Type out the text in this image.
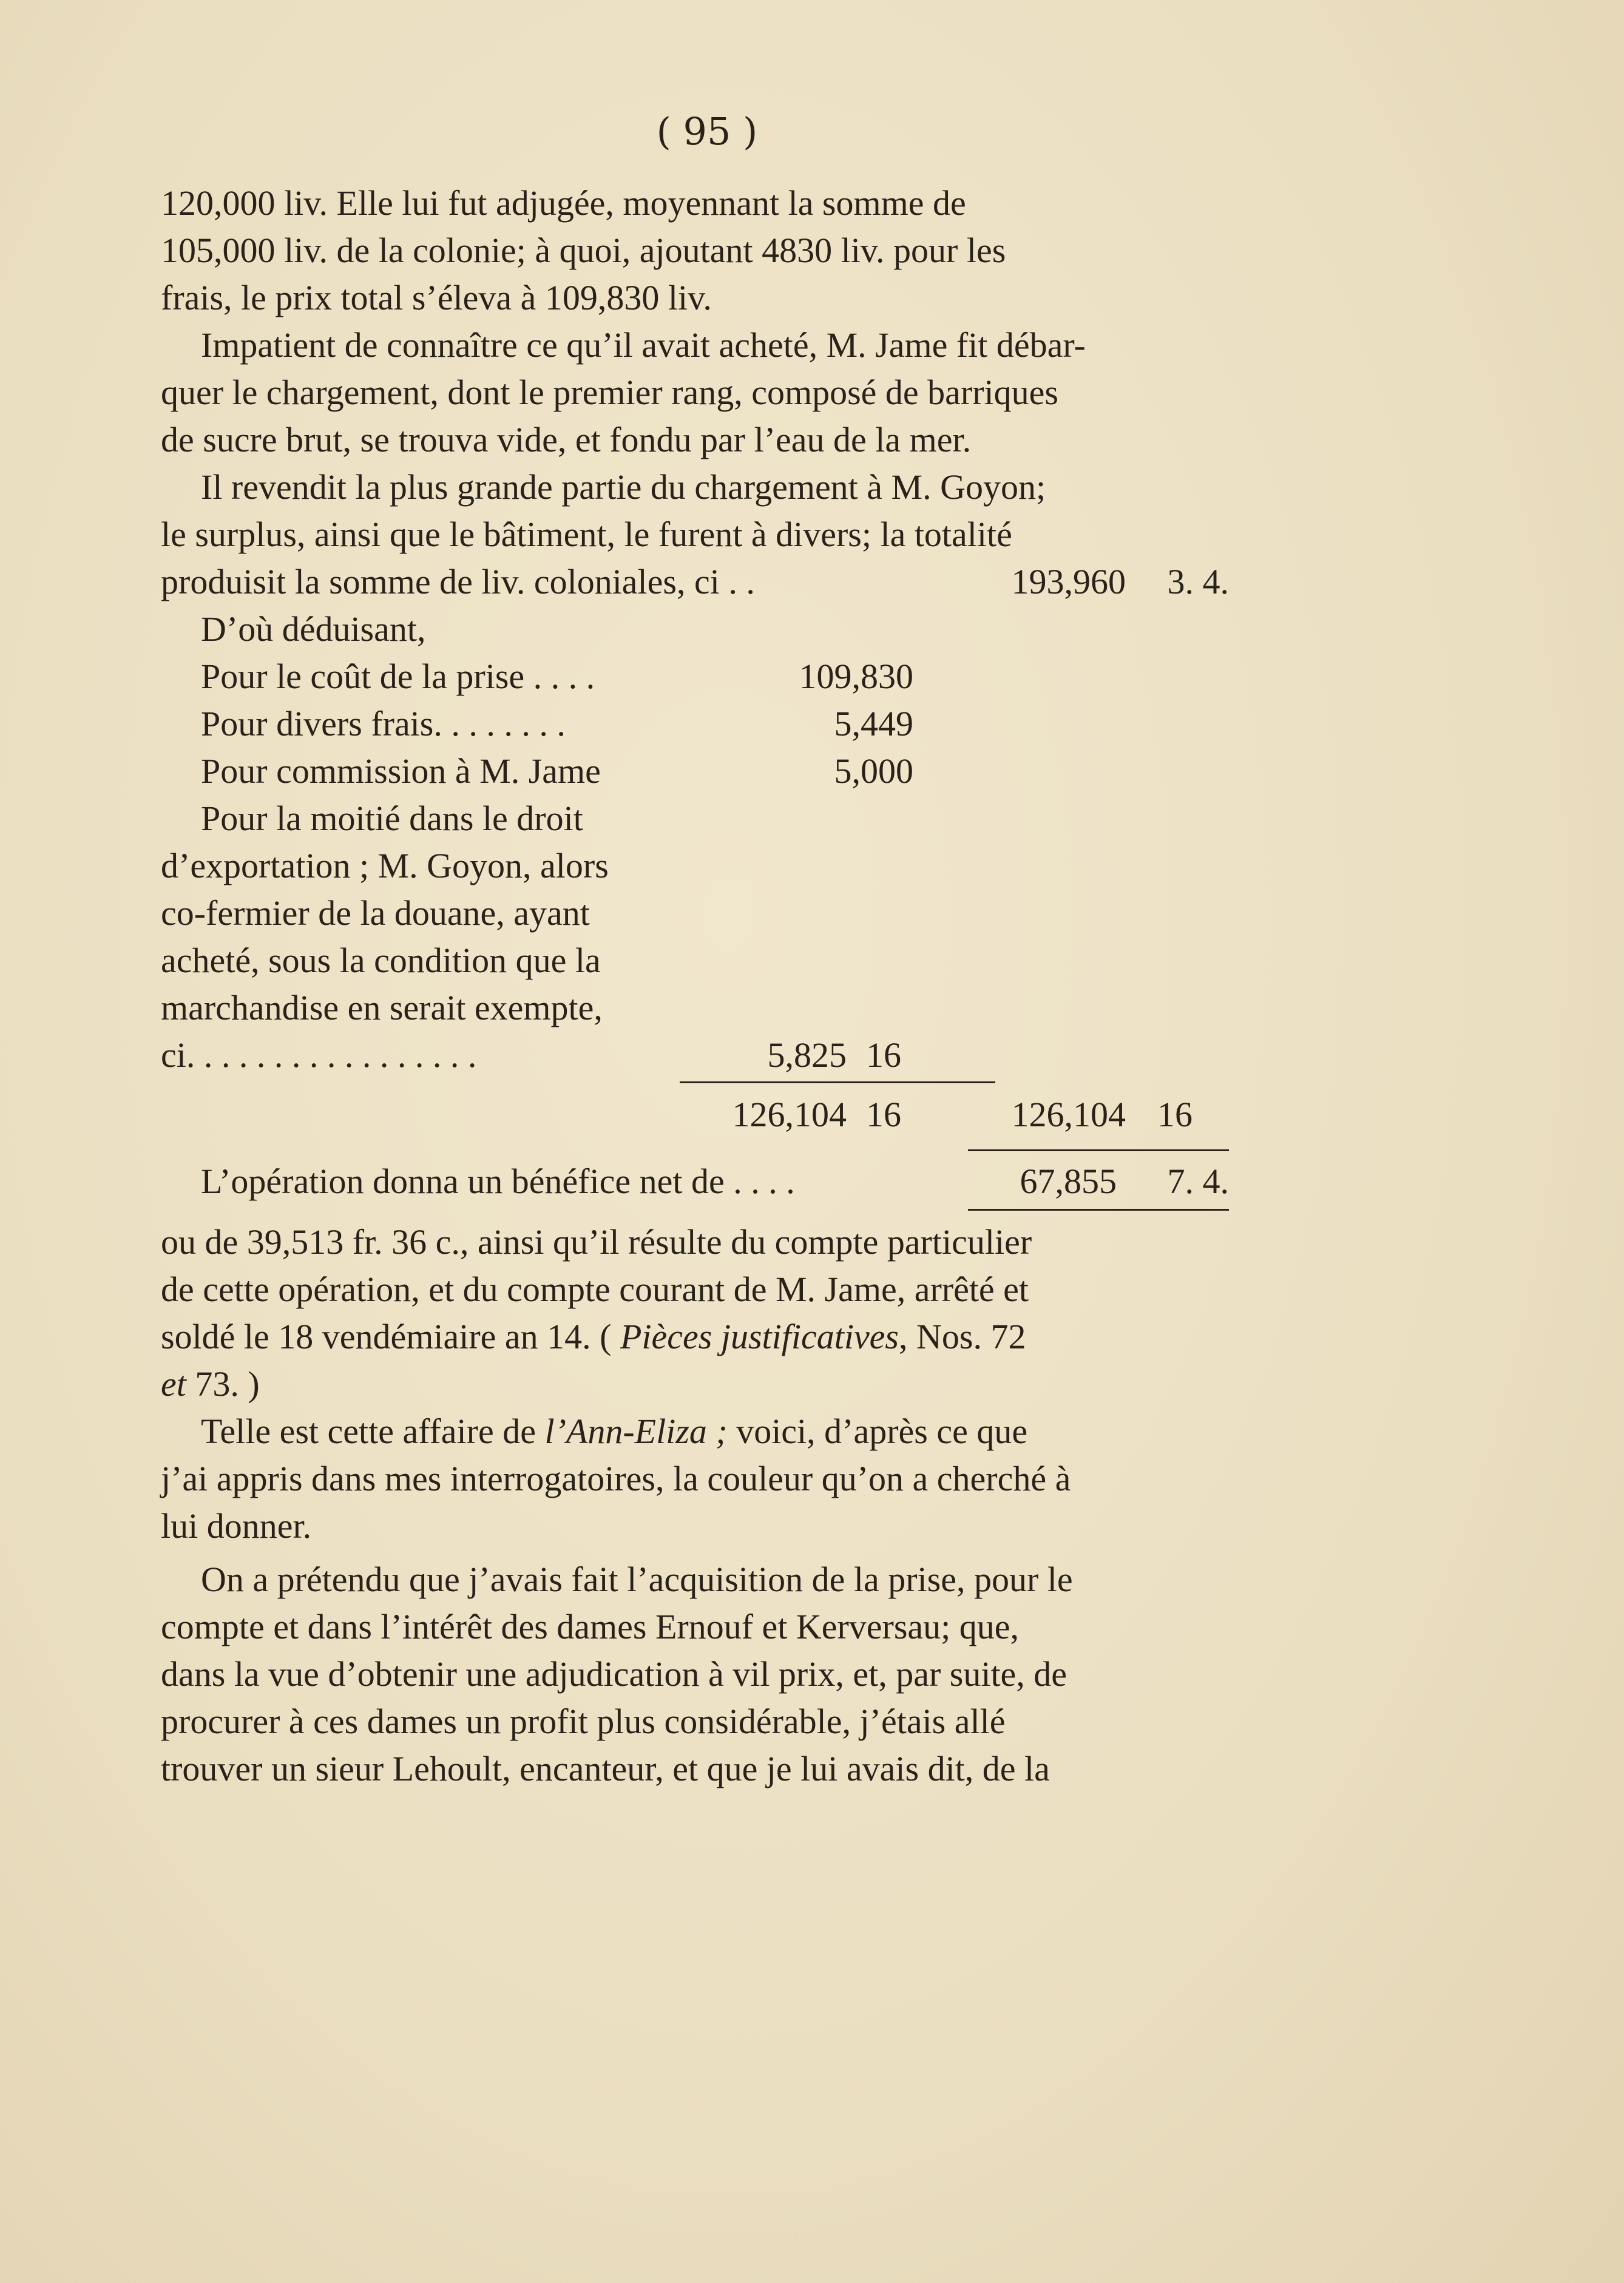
( 95 )

120,000 liv. Elle lui fut adjugée, moyennant la somme de

105,000 liv. de la colonie; à quoi, ajoutant 4830 liv. pour les

frais, le prix total s’éleva à 109,830 liv.

Impatient de connaître ce qu’il avait acheté, M. Jame fit débar-

quer le chargement, dont le premier rang, composé de barriques

de sucre brut, se trouva vide, et fondu par l’eau de la mer.

Il revendit la plus grande partie du chargement à M. Goyon;

le surplus, ainsi que le bâtiment, le furent à divers; la totalité

produisit la somme de liv. coloniales, ci . .	193,960 3. 4.
D’où déduisant,
Pour le coût de la prise . . . .	109,830
Pour divers frais. . . . . . . .	5,449
Pour commission à M. Jame	5,000

Pour la moitié dans le droit

d’exportation ; M. Goyon, alors

co-fermier de la douane, ayant

acheté, sous la condition que la

marchandise en serait exempte,

ci. . . . . . . . . . . . . . . . .	5,825 16
126,104 16	126,104 16
L’opération donna un bénéfice net de . . . .	67,855 7. 4.

ou de 39,513 fr. 36 c., ainsi qu’il résulte du compte particulier

de cette opération, et du compte courant de M. Jame, arrêté et

soldé le 18 vendémiaire an 14. ( Pièces justificatives, Nos. 72

et 73. )

Telle est cette affaire de l’Ann-Eliza ; voici, d’après ce que

j’ai appris dans mes interrogatoires, la couleur qu’on a cherché à

lui donner.

On a prétendu que j’avais fait l’acquisition de la prise, pour le

compte et dans l’intérêt des dames Ernouf et Kerversau; que,

dans la vue d’obtenir une adjudication à vil prix, et, par suite, de

procurer à ces dames un profit plus considérable, j’étais allé

trouver un sieur Lehoult, encanteur, et que je lui avais dit, de la
